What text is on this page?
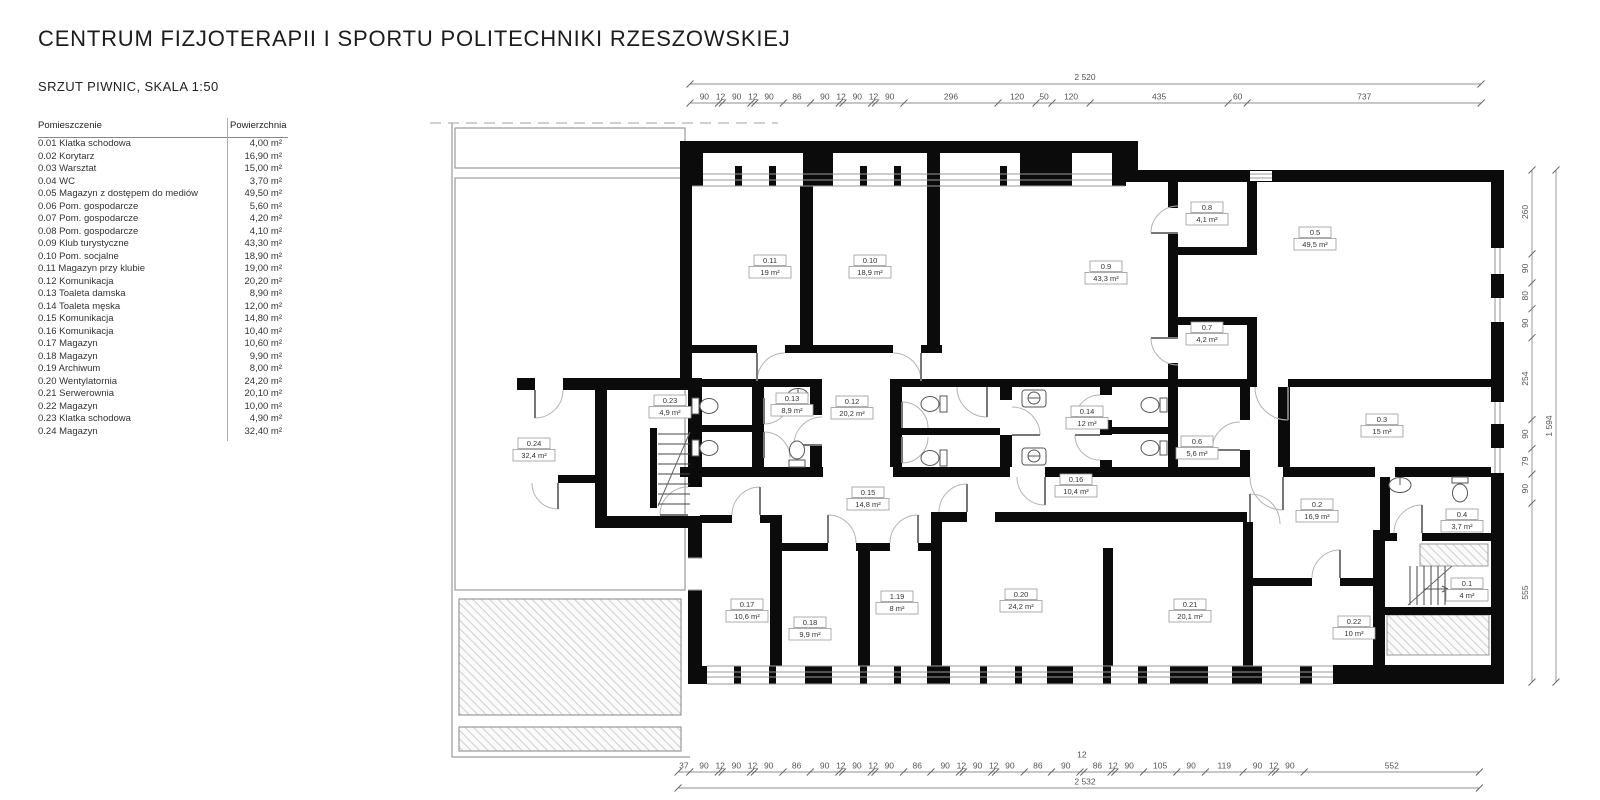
CENTRUM FIZJOTERAPII I SPORTU POLITECHNIKI RZESZOWSKIEJ
SRZUT PIWNIC, SKALA 1:50
Pomieszczenie	Powierzchnia
0.01 Klatka schodowa	4,00 m²
0.02 Korytarz	16,90 m²
0.03 Warsztat	15,00 m²
0.04 WC	3,70 m²
0.05 Magazyn z dostępem do mediów	49,50 m²
0.06 Pom. gospodarcze	5,60 m²
0.07 Pom. gospodarcze	4,20 m²
0.08 Pom. gospodarcze	4,10 m²
0.09 Klub turystyczne	43,30 m²
0.10 Pom. socjalne	18,90 m²
0.11 Magazyn przy klubie	19,00 m²
0.12 Komunikacja	20,20 m²
0.13 Toaleta damska	8,90 m²
0.14 Toaleta męska	12,00 m²
0.15 Komunikacja	14,80 m²
0.16 Komunikacja	10,40 m²
0.17 Magazyn	10,60 m²
0.18 Magazyn	9,90 m²
0.19 Archiwum	8,00 m²
0.20 Wentylatornia	24,20 m²
0.21 Serwerownia	20,10 m²
0.22 Magazyn	10,00 m²
0.23 Klatka schodowa	4,90 m²
0.24 Magazyn	32,40 m²
0.11
19 m²
0.10
18,9 m²
0.9
43,3 m²
0.8
4,1 m²
0.5
49,5 m²
0.7
4,2 m²
0.23
4,9 m²
0.13
8,9 m²
0.12
20,2 m²	0.14
12 m²
0.6
5,6 m²
0.3
15 m²
0.24
32,4 m²
0.15
14,8 m²
0.16
10,4 m²
0.2
16,9 m²	0.4
3,7 m²
0.17
10,6 m²
0.18
9,9 m²
1.19
8 m²
0.20
24,2 m²	0.21
20,1 m²
0.22
10 m²
0.1
4 m²
2 520
90 12 90 12 90 86 90 12 90 12 90	296	120 50 120	435	60	737
37 90 12 90 12 90 86 90 12 90 12 90 86 90 12 90 12 90 86 90
12
86 12 90 105 90	119	90 12 90	552
2 532
260
90
80
90
254
90
79
90
555
1 594
